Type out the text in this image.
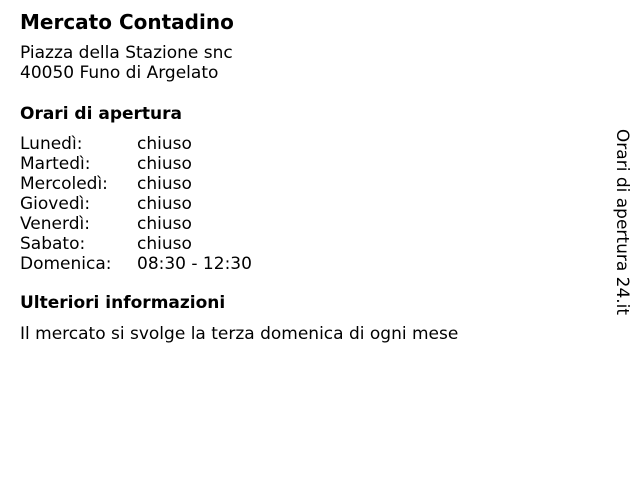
Mercato Contadino
Piazza della Stazione snc
40050 Funo di Argelato
Orari di apertura
Lunedì:	chiuso
Martedì:	chiuso
Mercoledì:	chiuso
Giovedì:	chiuso
Venerdì:	chiuso
Sabato:	chiuso
Domenica:	08:30 - 12:30
Ulteriori informazioni
Il mercato si svolge la terza domenica di ogni mese
Orari di apertura 24.it
